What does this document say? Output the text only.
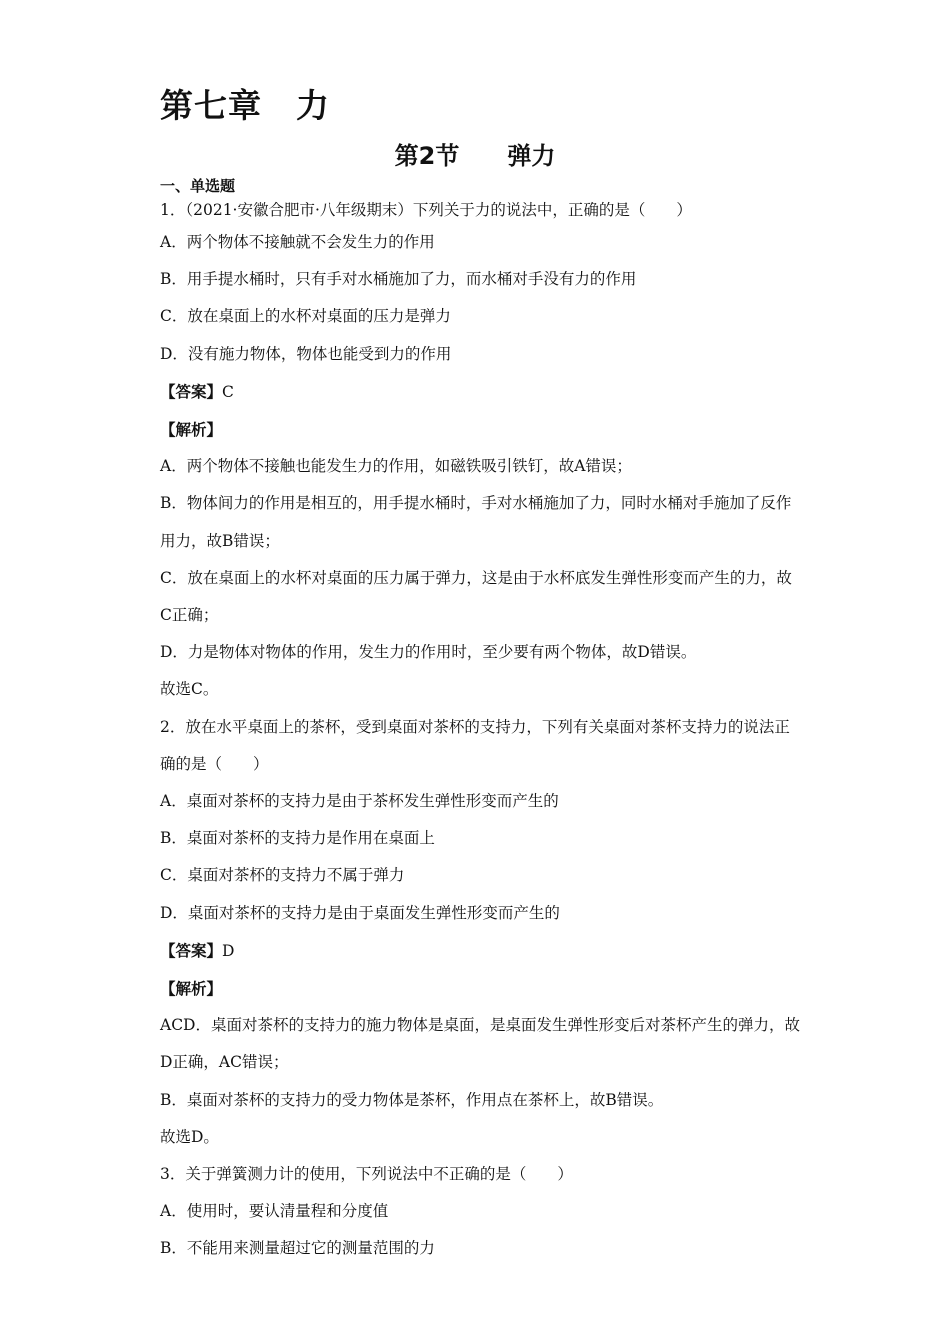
第七章　力
第2节　　弹力

一、单选题

1．（2021·安徽合肥市·八年级期末）下列关于力的说法中，正确的是（　　）

A．两个物体不接触就不会发生力的作用

B．用手提水桶时，只有手对水桶施加了力，而水桶对手没有力的作用

C．放在桌面上的水杯对桌面的压力是弹力

D．没有施力物体，物体也能受到力的作用

【答案】C

【解析】

A．两个物体不接触也能发生力的作用，如磁铁吸引铁钉，故A错误；

B．物体间力的作用是相互的，用手提水桶时，手对水桶施加了力，同时水桶对手施加了反作用力，故B错误；

C．放在桌面上的水杯对桌面的压力属于弹力，这是由于水杯底发生弹性形变而产生的力，故C正确；

D．力是物体对物体的作用，发生力的作用时，至少要有两个物体，故D错误。

故选C。

2．放在水平桌面上的茶杯，受到桌面对茶杯的支持力，下列有关桌面对茶杯支持力的说法正确的是（　　）

A．桌面对茶杯的支持力是由于茶杯发生弹性形变而产生的

B．桌面对茶杯的支持力是作用在桌面上

C．桌面对茶杯的支持力不属于弹力

D．桌面对茶杯的支持力是由于桌面发生弹性形变而产生的

【答案】D

【解析】

ACD．桌面对茶杯的支持力的施力物体是桌面，是桌面发生弹性形变后对茶杯产生的弹力，故D正确，AC错误；

B．桌面对茶杯的支持力的受力物体是茶杯，作用点在茶杯上，故B错误。

故选D。

3．关于弹簧测力计的使用，下列说法中不正确的是（　　）

A．使用时，要认清量程和分度值

B．不能用来测量超过它的测量范围的力
